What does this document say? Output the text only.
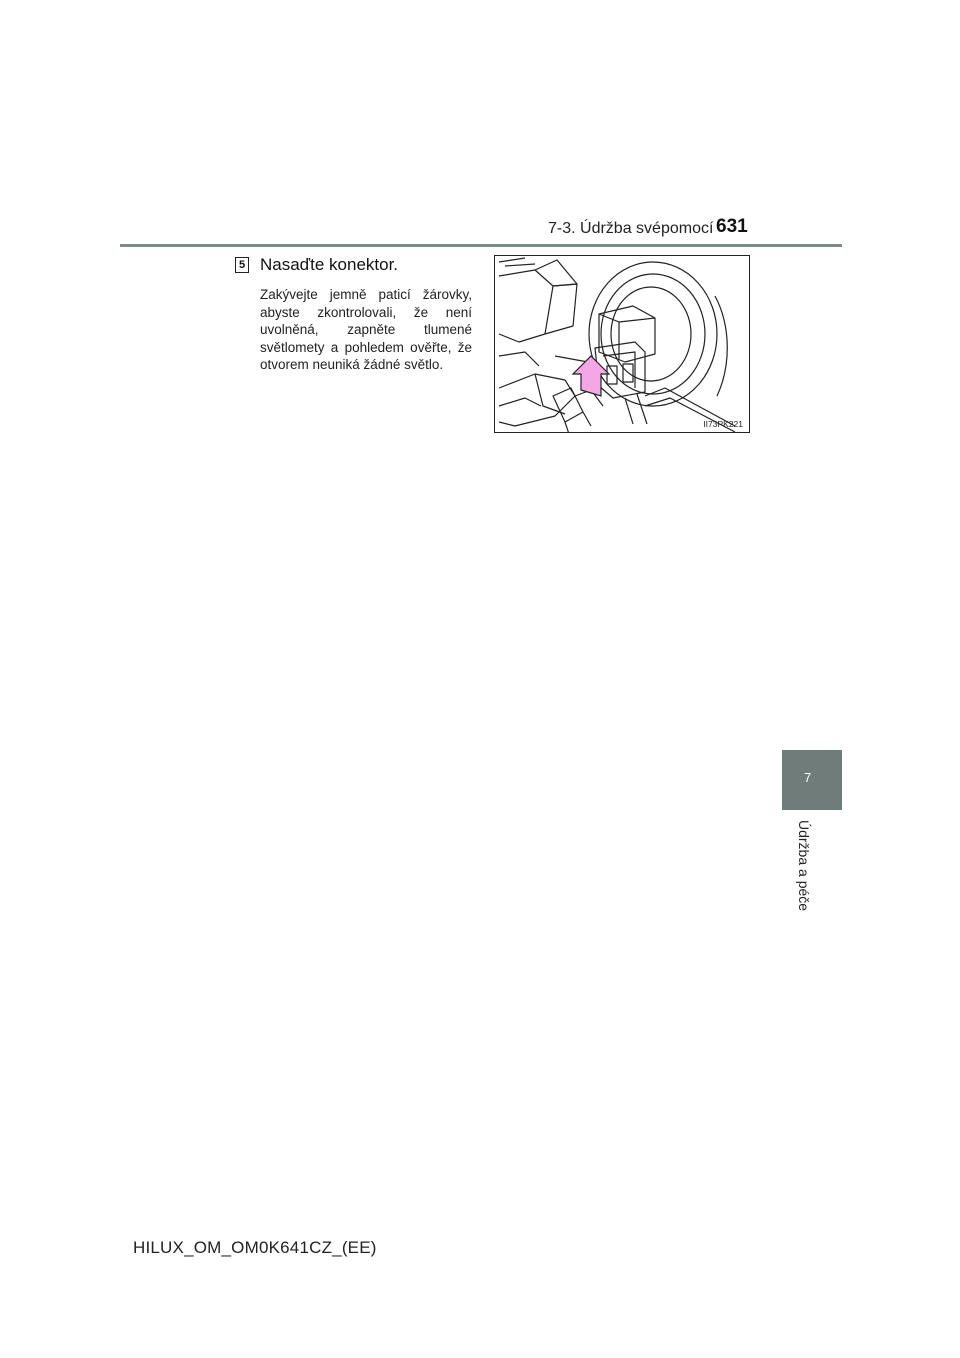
7-3. Údržba svépomocí 631
7
Údržba a péče
5 Nasaďte konektor.
Zakývejte jemně paticí žárovky, abyste zkontrolovali, že není uvolněná, zapněte tlumené světlomety a pohledem ověřte, že otvorem neuniká žádné světlo.
II73PK221
HILUX_OM_OM0K641CZ_(EE)
